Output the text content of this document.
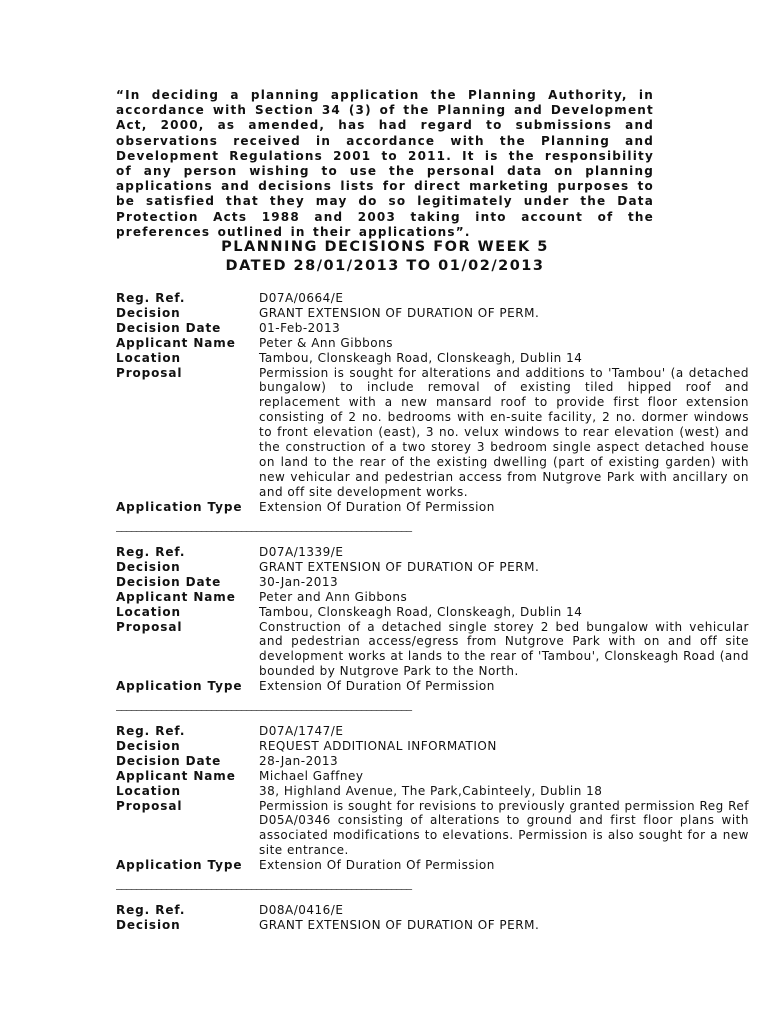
“In deciding a planning application the Planning Authority, in accordance with Section 34 (3) of the Planning and Development Act, 2000, as amended, has had regard to submissions and observations received in accordance with the Planning and Development Regulations 2001 to 2011. It is the responsibility of any person wishing to use the personal data on planning applications and decisions lists for direct marketing purposes to be satisfied that they may do so legitimately under the Data Protection Acts 1988 and 2003 taking into account of the preferences outlined in their applications”.
PLANNING DECISIONS FOR WEEK 5
DATED 28/01/2013 TO 01/02/2013
Reg. Ref.	D07A/0664/E
Decision	GRANT EXTENSION OF DURATION OF PERM.
Decision Date	01-Feb-2013
Applicant Name	Peter & Ann Gibbons
Location	Tambou, Clonskeagh Road, Clonskeagh, Dublin 14
Proposal	Permission is sought for alterations and additions to 'Tambou' (a detached bungalow) to include removal of existing tiled hipped roof and replacement with a new mansard roof to provide first floor extension consisting of 2 no. bedrooms with en-suite facility, 2 no. dormer windows to front elevation (east), 3 no. velux windows to rear elevation (west) and the construction of a two storey 3 bedroom single aspect detached house on land to the rear of the existing dwelling (part of existing garden) with new vehicular and pedestrian access from Nutgrove Park with ancillary on and off site development works.
Application Type	Extension Of Duration Of Permission
___________________________________________________________
Reg. Ref.	D07A/1339/E
Decision	GRANT EXTENSION OF DURATION OF PERM.
Decision Date	30-Jan-2013
Applicant Name	Peter and Ann Gibbons
Location	Tambou, Clonskeagh Road, Clonskeagh, Dublin 14
Proposal	Construction of a detached single storey 2 bed bungalow with vehicular and pedestrian access/egress from Nutgrove Park with on and off site development works at lands to the rear of 'Tambou', Clonskeagh Road (and bounded by Nutgrove Park to the North.
Application Type	Extension Of Duration Of Permission
___________________________________________________________
Reg. Ref.	D07A/1747/E
Decision	REQUEST ADDITIONAL INFORMATION
Decision Date	28-Jan-2013
Applicant Name	Michael Gaffney
Location	38, Highland Avenue, The Park,Cabinteely, Dublin 18
Proposal	Permission is sought for revisions to previously granted permission Reg Ref D05A/0346 consisting of alterations to ground and first floor plans with associated modifications to elevations. Permission is also sought for a new site entrance.
Application Type	Extension Of Duration Of Permission
___________________________________________________________
Reg. Ref.	D08A/0416/E
Decision	GRANT EXTENSION OF DURATION OF PERM.
